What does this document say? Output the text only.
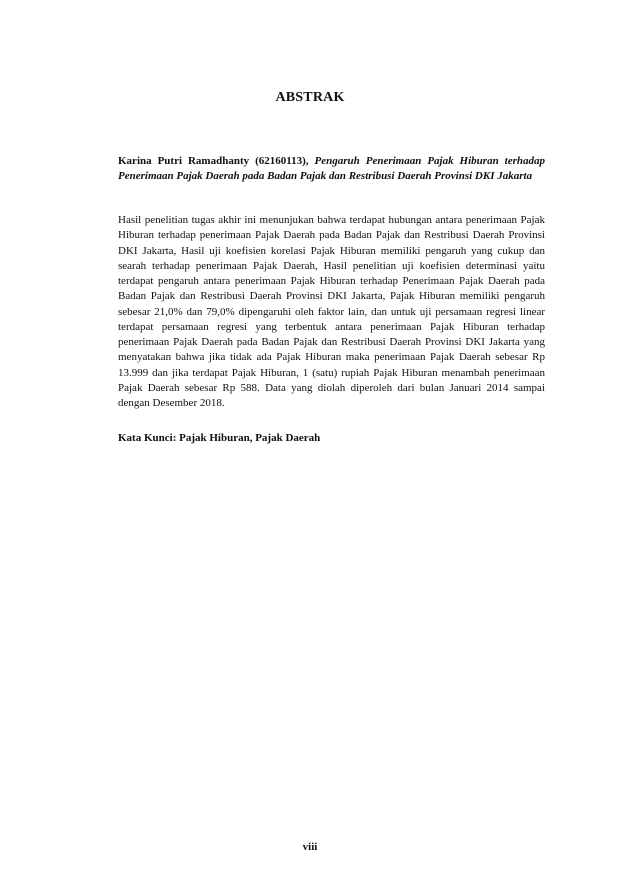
ABSTRAK
Karina Putri Ramadhanty (62160113), Pengaruh Penerimaan Pajak Hiburan terhadap Penerimaan Pajak Daerah pada Badan Pajak dan Restribusi Daerah Provinsi DKI Jakarta
Hasil penelitian tugas akhir ini menunjukan bahwa terdapat hubungan antara penerimaan Pajak Hiburan terhadap penerimaan Pajak Daerah pada Badan Pajak dan Restribusi Daerah Provinsi DKI Jakarta, Hasil uji koefisien korelasi Pajak Hiburan memiliki pengaruh yang cukup dan searah terhadap penerimaan Pajak Daerah, Hasil penelitian uji koefisien determinasi yaitu terdapat pengaruh antara penerimaan Pajak Hiburan terhadap Penerimaan Pajak Daerah pada Badan Pajak dan Restribusi Daerah Provinsi DKI Jakarta, Pajak Hiburan memiliki pengaruh sebesar 21,0% dan 79,0% dipengaruhi oleh faktor lain, dan untuk uji persamaan regresi linear terdapat persamaan regresi yang terbentuk antara penerimaan Pajak Hiburan terhadap penerimaan Pajak Daerah pada Badan Pajak dan Restribusi Daerah Provinsi DKI Jakarta yang menyatakan bahwa jika tidak ada Pajak Hiburan maka penerimaan Pajak Daerah sebesar Rp 13.999 dan jika terdapat Pajak Hiburan, 1 (satu) rupiah Pajak Hiburan menambah penerimaan Pajak Daerah sebesar Rp 588. Data yang diolah diperoleh dari bulan Januari 2014 sampai dengan Desember 2018.
Kata Kunci: Pajak Hiburan, Pajak Daerah
viii
